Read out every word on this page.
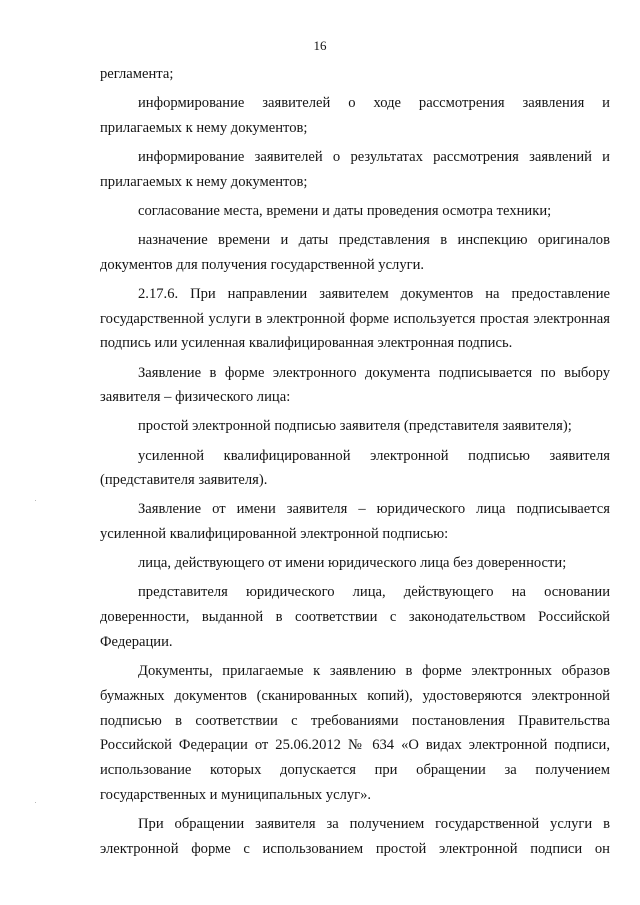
16

регламента;

информирование заявителей о ходе рассмотрения заявления и прилагаемых к нему документов;

информирование заявителей о результатах рассмотрения заявлений и прилагаемых к нему документов;

согласование места, времени и даты проведения осмотра техники;

назначение времени и даты представления в инспекцию оригиналов документов для получения государственной услуги.

2.17.6. При направлении заявителем документов на предоставление государственной услуги в электронной форме используется простая электронная подпись или усиленная квалифицированная электронная подпись.

Заявление в форме электронного документа подписывается по выбору заявителя – физического лица:

простой электронной подписью заявителя (представителя заявителя);

усиленной квалифицированной электронной подписью заявителя (представителя заявителя).

Заявление от имени заявителя – юридического лица подписывается усиленной квалифицированной электронной подписью:

лица, действующего от имени юридического лица без доверенности;

представителя юридического лица, действующего на основании доверенности, выданной в соответствии с законодательством Российской Федерации.

Документы, прилагаемые к заявлению в форме электронных образов бумажных документов (сканированных копий), удостоверяются электронной подписью в соответствии с требованиями постановления Правительства Российской Федерации от 25.06.2012 № 634 «О видах электронной подписи, использование которых допускается при обращении за получением государственных и муниципальных услуг».

При обращении заявителя за получением государственной услуги в электронной форме с использованием простой электронной подписи он
